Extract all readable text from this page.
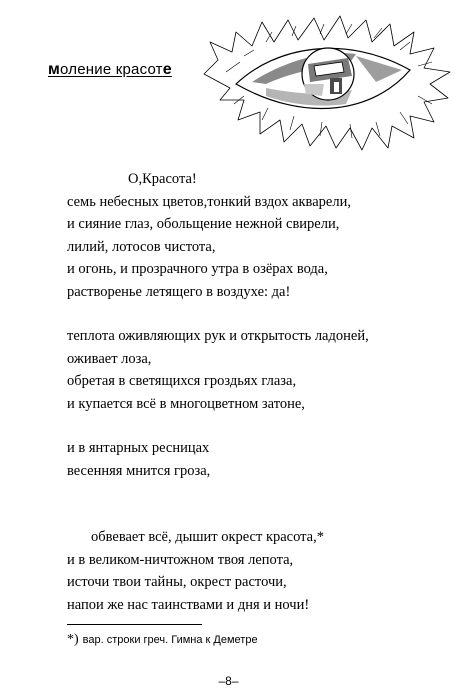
моление красоте
О,Красота!
семь небесных цветов,тонкий вздох акварели,
и сияние глаз, обольщение нежной свирели,
лилий, лотосов чистота,
и огонь, и прозрачного утра в озёрах вода,
растворенье летящего в воздухе: да!
теплота оживляющих рук и открытость ладоней,
оживает лоза,
обретая в светящихся гроздьях глаза,
и купается всё в многоцветном затоне,
и в янтарных ресницах
весенняя мнится гроза,
обвевает всё, дышит окрест красота,*
и в великом-ничтожном твоя лепота,
источи твои тайны, окрест расточи,
напои же нас таинствами и дня и ночи!
*) вар. строки греч. Гимна к Деметре
–8–
